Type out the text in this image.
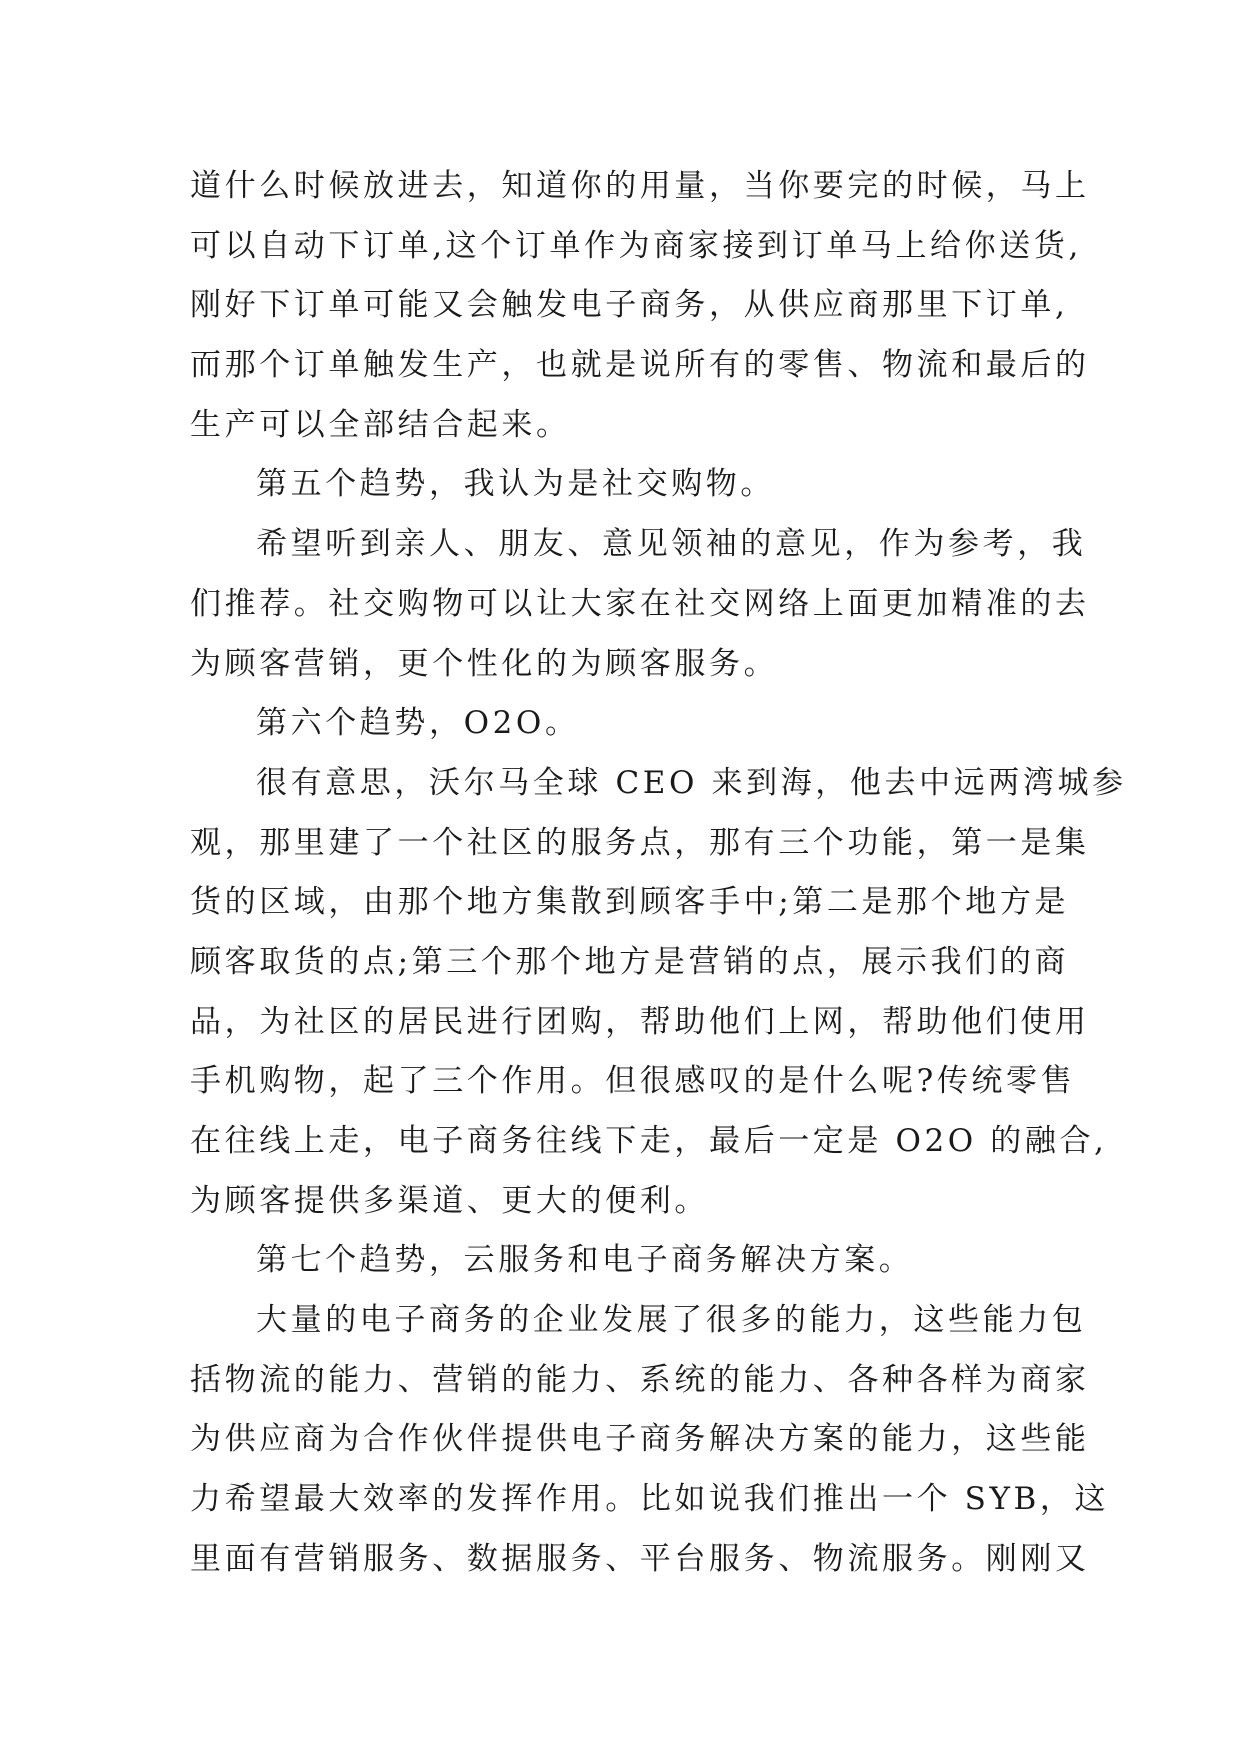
道什么时候放进去，知道你的用量，当你要完的时候，马上
可以自动下订单,这个订单作为商家接到订单马上给你送货,
刚好下订单可能又会触发电子商务，从供应商那里下订单,
而那个订单触发生产，也就是说所有的零售、物流和最后的
生产可以全部结合起来。
第五个趋势，我认为是社交购物。
希望听到亲人、朋友、意见领袖的意见，作为参考，我
们推荐。社交购物可以让大家在社交网络上面更加精准的去
为顾客营销，更个性化的为顾客服务。
第六个趋势，O2O。
很有意思，沃尔马全球 CEO 来到海，他去中远两湾城参
观，那里建了一个社区的服务点，那有三个功能，第一是集
货的区域，由那个地方集散到顾客手中;第二是那个地方是
顾客取货的点;第三个那个地方是营销的点，展示我们的商
品，为社区的居民进行团购，帮助他们上网，帮助他们使用
手机购物，起了三个作用。但很感叹的是什么呢?传统零售
在往线上走，电子商务往线下走，最后一定是 O2O 的融合,
为顾客提供多渠道、更大的便利。
第七个趋势，云服务和电子商务解决方案。
大量的电子商务的企业发展了很多的能力，这些能力包
括物流的能力、营销的能力、系统的能力、各种各样为商家
为供应商为合作伙伴提供电子商务解决方案的能力，这些能
力希望最大效率的发挥作用。比如说我们推出一个 SYB，这
里面有营销服务、数据服务、平台服务、物流服务。刚刚又
